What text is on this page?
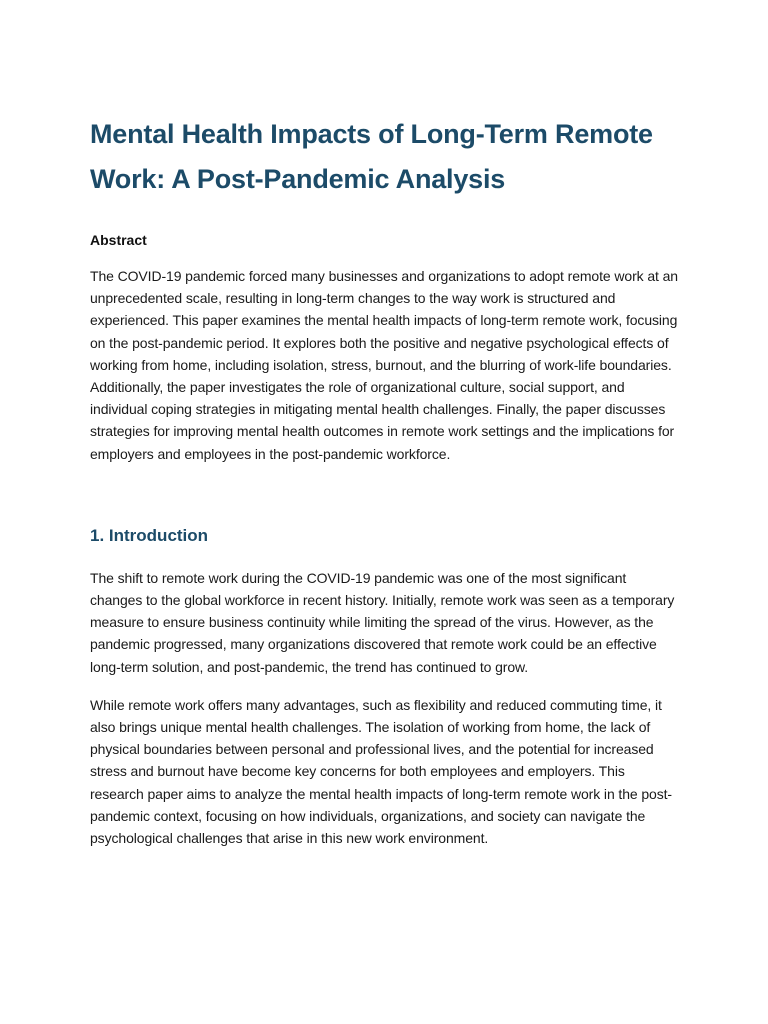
Mental Health Impacts of Long-Term Remote Work: A Post-Pandemic Analysis
Abstract

The COVID-19 pandemic forced many businesses and organizations to adopt remote work at an unprecedented scale, resulting in long-term changes to the way work is structured and experienced. This paper examines the mental health impacts of long-term remote work, focusing on the post-pandemic period. It explores both the positive and negative psychological effects of working from home, including isolation, stress, burnout, and the blurring of work-life boundaries. Additionally, the paper investigates the role of organizational culture, social support, and individual coping strategies in mitigating mental health challenges. Finally, the paper discusses strategies for improving mental health outcomes in remote work settings and the implications for employers and employees in the post-pandemic workforce.

1. Introduction

The shift to remote work during the COVID-19 pandemic was one of the most significant changes to the global workforce in recent history. Initially, remote work was seen as a temporary measure to ensure business continuity while limiting the spread of the virus. However, as the pandemic progressed, many organizations discovered that remote work could be an effective long-term solution, and post-pandemic, the trend has continued to grow.

While remote work offers many advantages, such as flexibility and reduced commuting time, it also brings unique mental health challenges. The isolation of working from home, the lack of physical boundaries between personal and professional lives, and the potential for increased stress and burnout have become key concerns for both employees and employers. This research paper aims to analyze the mental health impacts of long-term remote work in the post-pandemic context, focusing on how individuals, organizations, and society can navigate the psychological challenges that arise in this new work environment.
